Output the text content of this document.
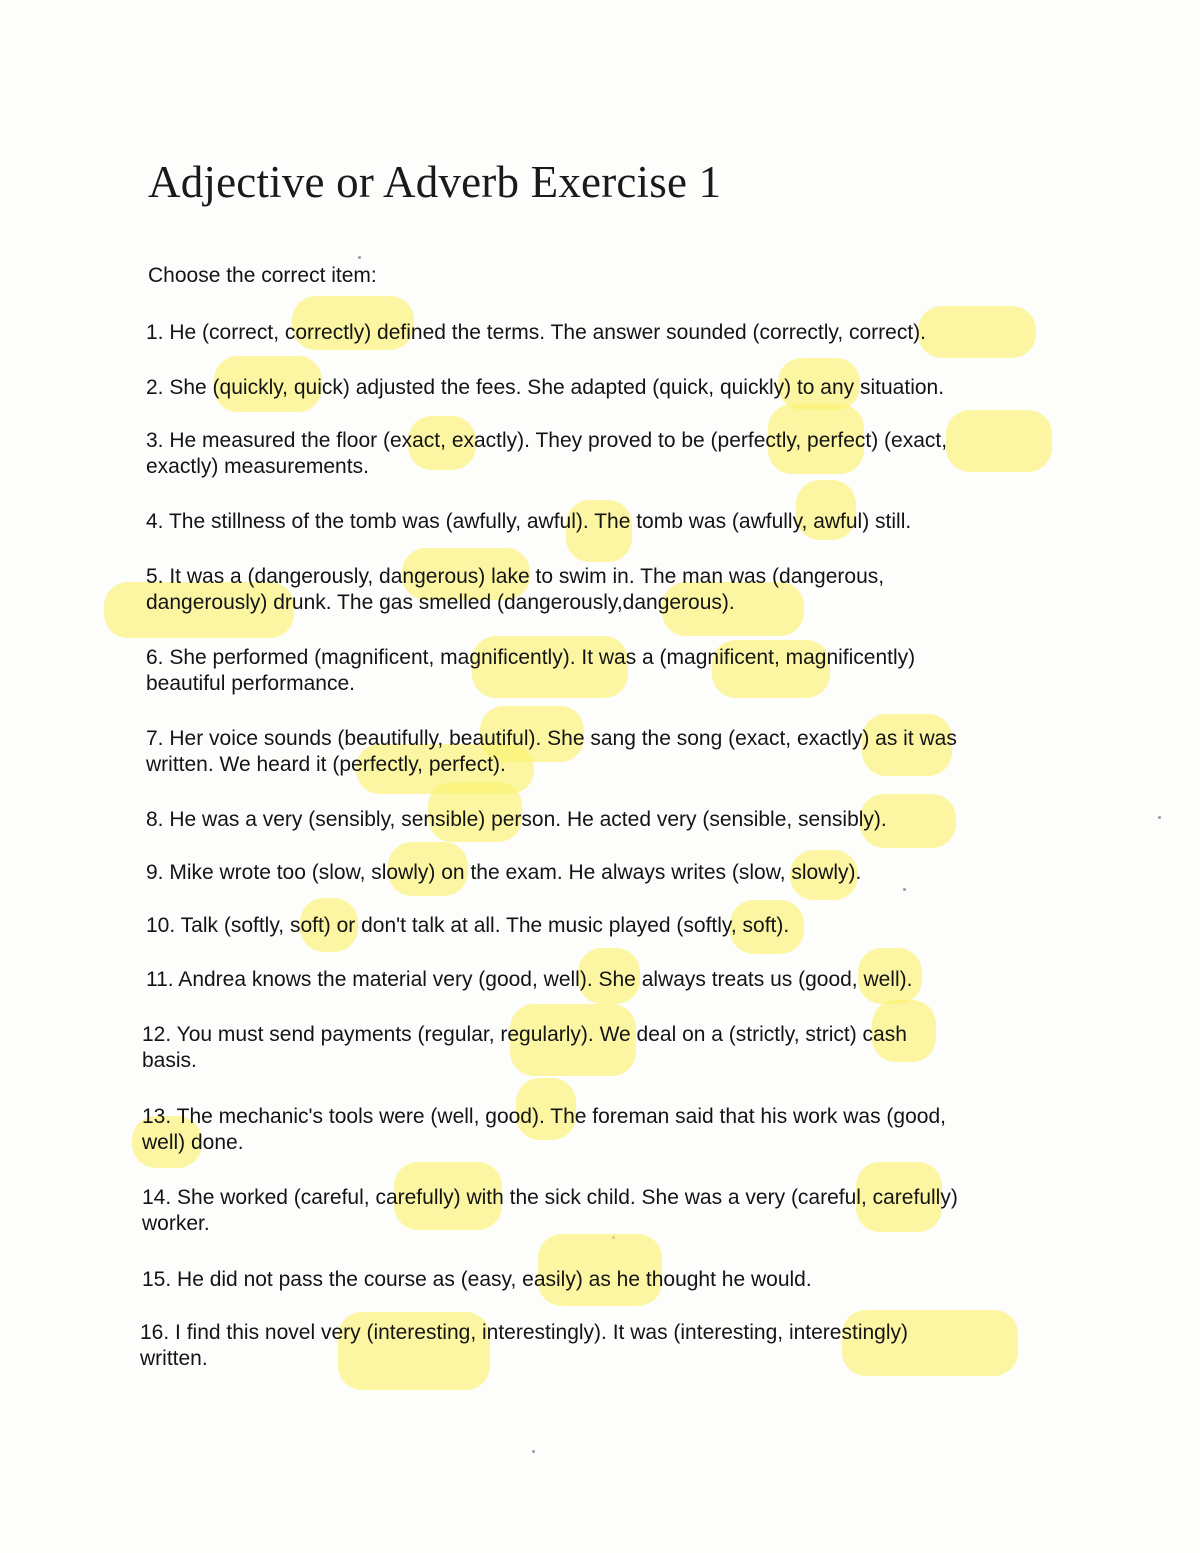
Adjective or Adverb Exercise 1
Choose the correct item:
1. He (correct, correctly) defined the terms. The answer sounded (correctly, correct).
2. She (quickly, quick) adjusted the fees. She adapted (quick, quickly) to any situation.
3. He measured the floor (exact, exactly). They proved to be (perfectly, perfect) (exact,
exactly) measurements.
4. The stillness of the tomb was (awfully, awful). The tomb was (awfully, awful) still.
5. It was a (dangerously, dangerous) lake to swim in. The man was (dangerous,
dangerously) drunk. The gas smelled (dangerously,dangerous).
6. She performed (magnificent, magnificently). It was a (magnificent, magnificently)
beautiful performance.
7. Her voice sounds (beautifully, beautiful). She sang the song (exact, exactly) as it was
written. We heard it (perfectly, perfect).
8. He was a very (sensibly, sensible) person. He acted very (sensible, sensibly).
9. Mike wrote too (slow, slowly) on the exam. He always writes (slow, slowly).
10. Talk (softly, soft) or don't talk at all. The music played (softly, soft).
11. Andrea knows the material very (good, well). She always treats us (good, well).
12. You must send payments (regular, regularly). We deal on a (strictly, strict) cash
basis.
13. The mechanic's tools were (well, good). The foreman said that his work was (good,
well) done.
14. She worked (careful, carefully) with the sick child. She was a very (careful, carefully)
worker.
15. He did not pass the course as (easy, easily) as he thought he would.
16. I find this novel very (interesting, interestingly). It was (interesting, interestingly)
written.
